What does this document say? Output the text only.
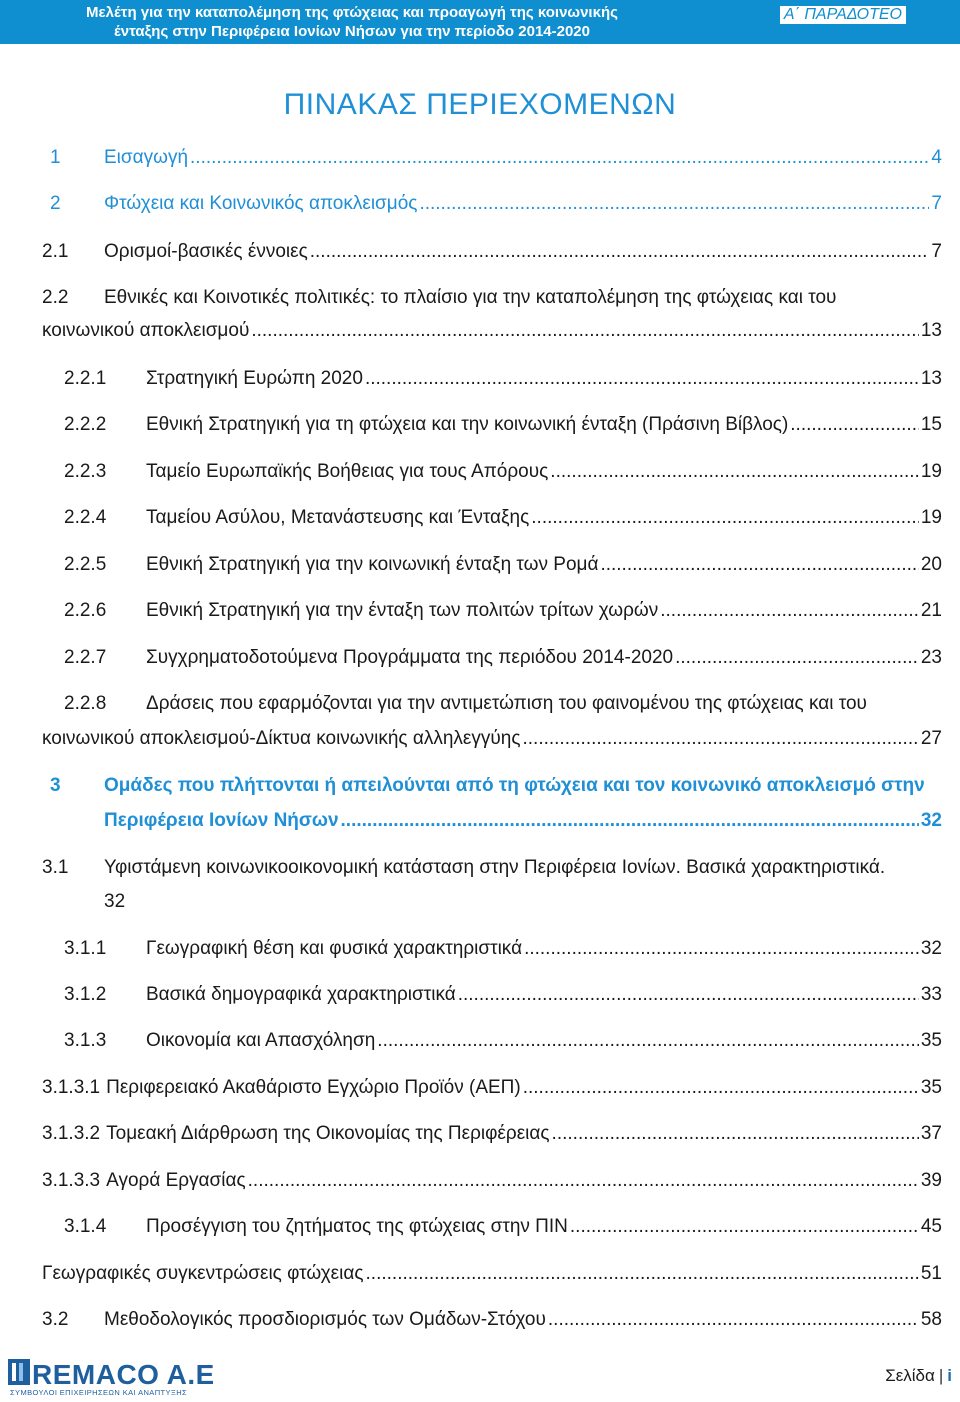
Μελέτη για την καταπολέμηση της φτώχειας και προαγωγή της κοινωνικής
ένταξης στην Περιφέρεια Ιονίων Νήσων για την περίοδο 2014-2020
Α΄ ΠΑΡΑΔΟΤΕΟ
ΠΙΝΑΚΑΣ ΠΕΡΙΕΧΟΜΕΝΩΝ
1	Εισαγωγή .....	4
2	Φτώχεια και Κοινωνικός αποκλεισμός .....	7
2.1	Ορισμοί-βασικές έννοιες .....	7
2.2	Εθνικές και Κοινοτικές πολιτικές: το πλαίσιο για την καταπολέμηση της φτώχειας και του
κοινωνικού αποκλεισμού .....	13
2.2.1	Στρατηγική Ευρώπη 2020 .....	13
2.2.2	Εθνική Στρατηγική για τη φτώχεια και την κοινωνική ένταξη (Πράσινη Βίβλος) .....	15
2.2.3	Ταμείο Ευρωπαϊκής Βοήθειας για τους Απόρους .....	19
2.2.4	Ταμείου Ασύλου, Μετανάστευσης και Ένταξης .....	19
2.2.5	Εθνική Στρατηγική για την κοινωνική ένταξη των Ρομά .....	20
2.2.6	Εθνική Στρατηγική για την ένταξη των πολιτών τρίτων χωρών .....	21
2.2.7	Συγχρηματοδοτούμενα Προγράμματα της περιόδου 2014-2020 .....	23
2.2.8	Δράσεις που εφαρμόζονται για την αντιμετώπιση του φαινομένου της φτώχειας και του
κοινωνικού αποκλεισμού-Δίκτυα κοινωνικής αλληλεγγύης .....	27
3	Ομάδες που πλήττονται ή απειλούνται από τη φτώχεια και τον κοινωνικό αποκλεισμό στην
Περιφέρεια Ιονίων Νήσων .....	32
3.1	Υφιστάμενη κοινωνικοοικονομική κατάσταση στην Περιφέρεια Ιονίων. Βασικά χαρακτηριστικά.
32
3.1.1	Γεωγραφική θέση και φυσικά χαρακτηριστικά .....	32
3.1.2	Βασικά δημογραφικά χαρακτηριστικά .....	33
3.1.3	Οικονομία και Απασχόληση .....	35
3.1.3.1 Περιφερειακό Ακαθάριστο Εγχώριο Προϊόν (ΑΕΠ) .....	35
3.1.3.2 Τομεακή Διάρθρωση της Οικονομίας της Περιφέρειας .....	37
3.1.3.3 Αγορά Εργασίας .....	39
3.1.4	Προσέγγιση του ζητήματος της φτώχειας στην ΠΙΝ .....	45
Γεωγραφικές συγκεντρώσεις φτώχειας .....	51
3.2	Μεθοδολογικός προσδιορισμός των Ομάδων-Στόχου .....	58
REMACO A.E.
ΣΥΜΒΟΥΛΟΙ ΕΠΙΧΕΙΡΗΣΕΩΝ ΚΑΙ ΑΝΑΠΤΥΞΗΣ
Σελίδα | i
